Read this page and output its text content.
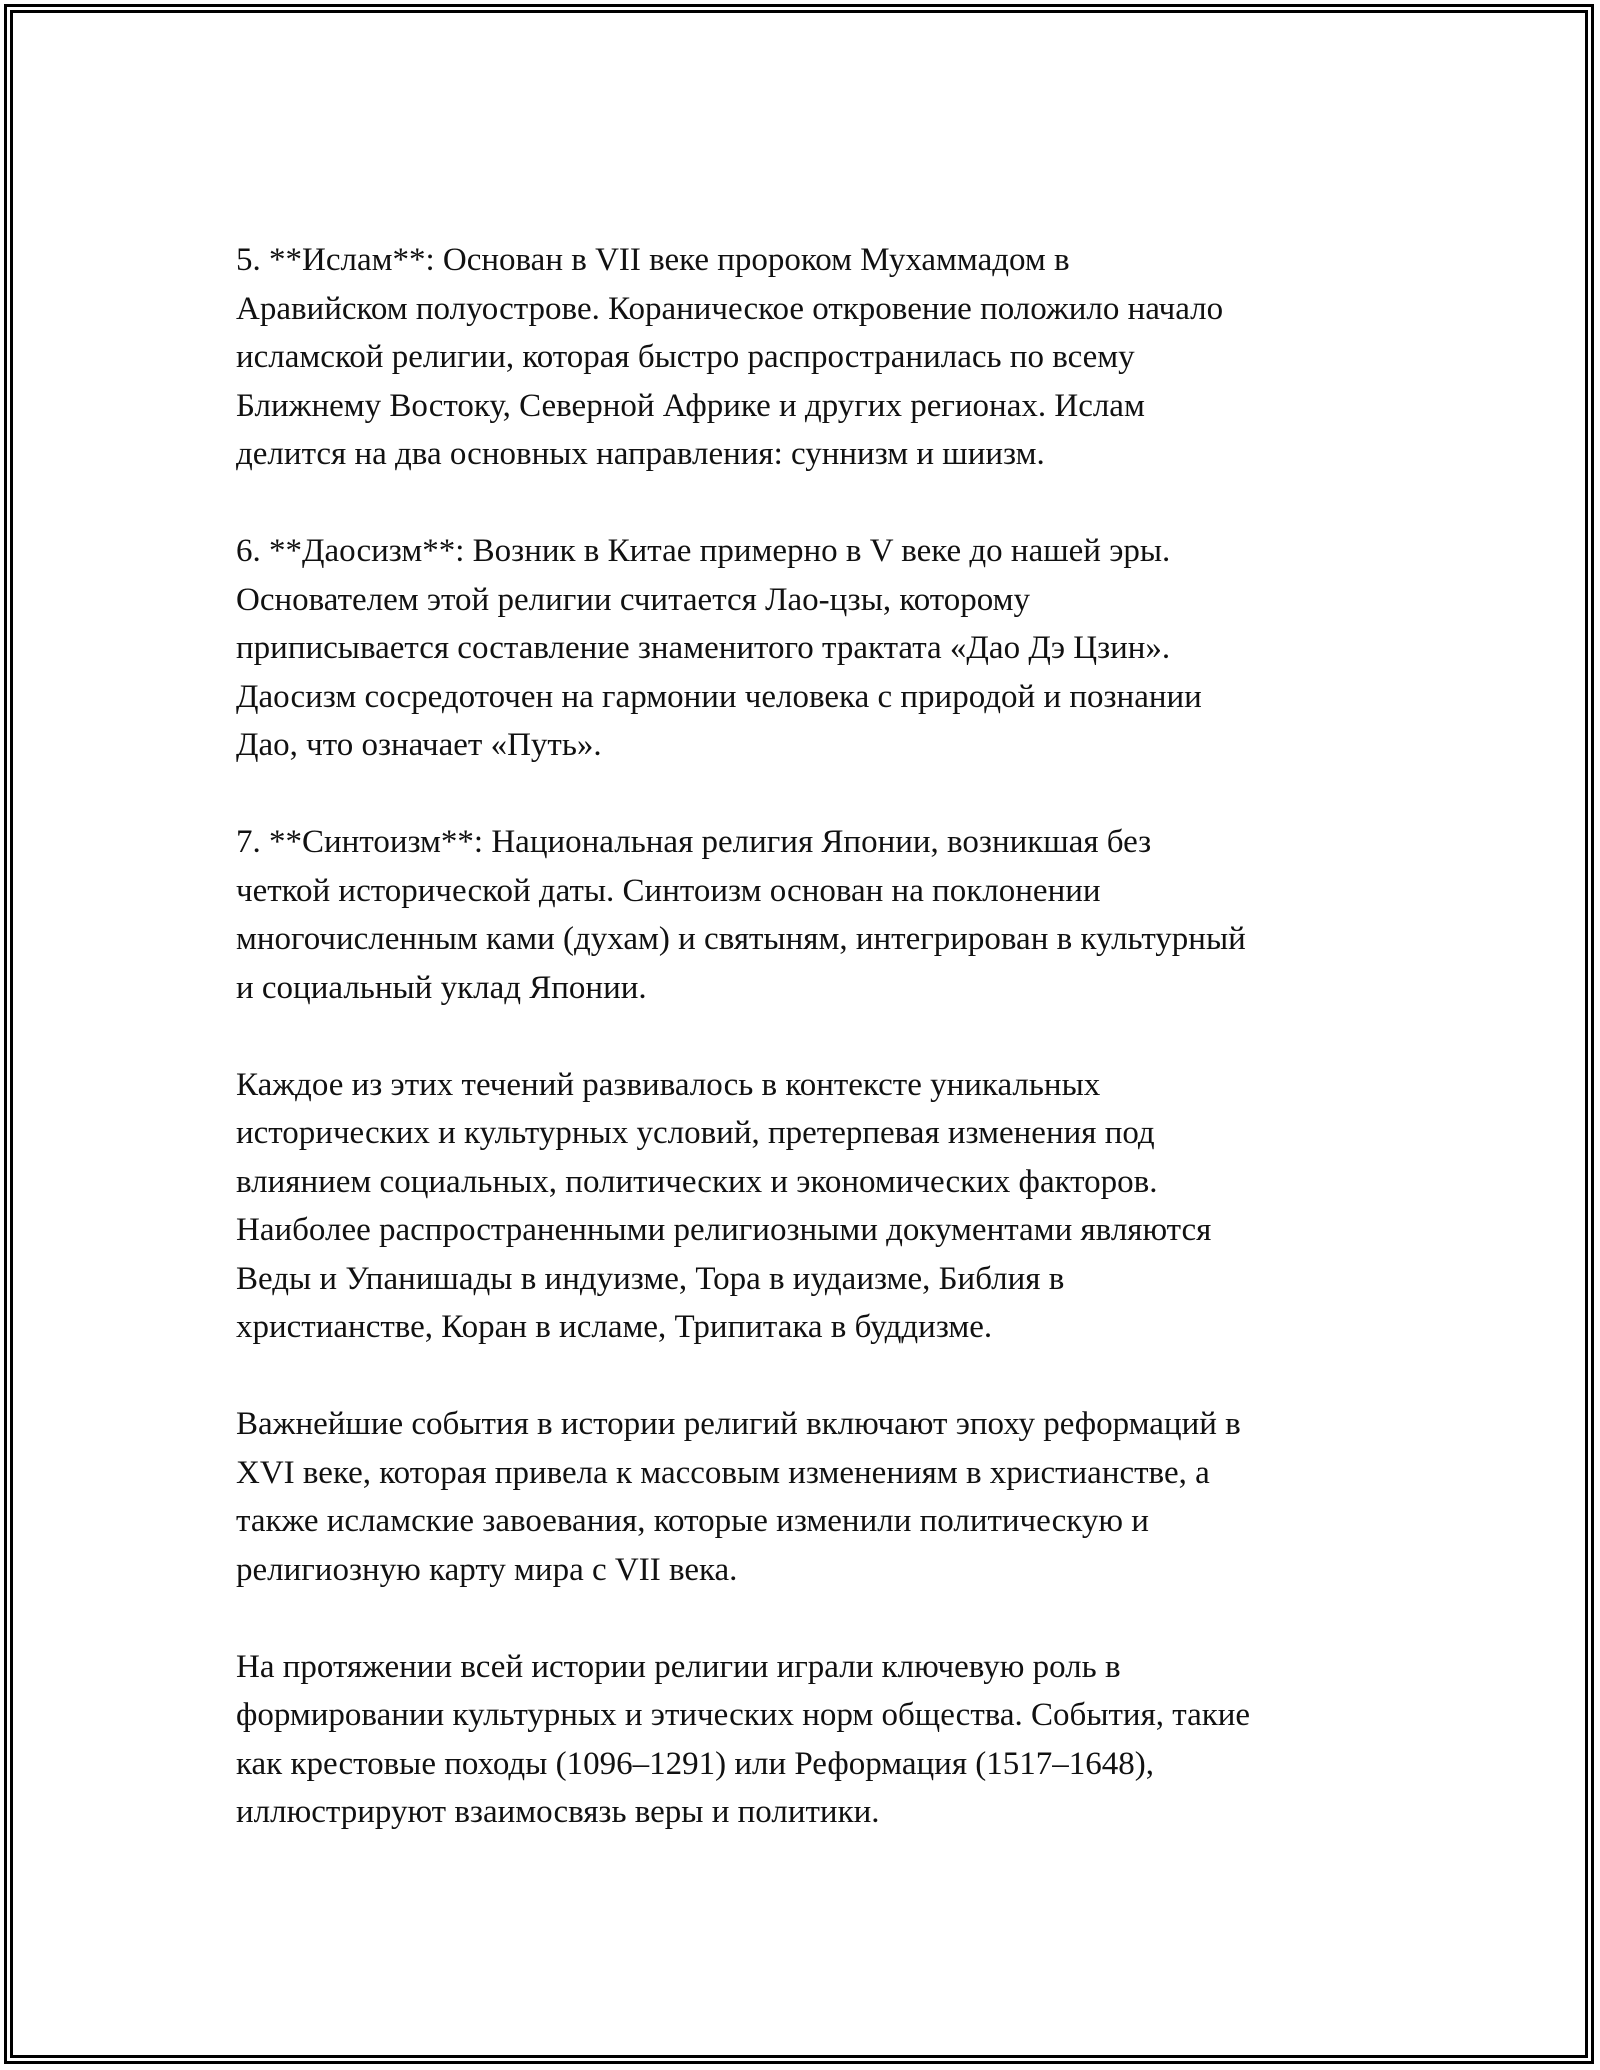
5. **Ислам**: Основан в VII веке пророком Мухаммадом в
Аравийском полуострове. Кораническое откровение положило начало
исламской религии, которая быстро распространилась по всему
Ближнему Востоку, Северной Африке и других регионах. Ислам
делится на два основных направления: суннизм и шиизм.

6. **Даосизм**: Возник в Китае примерно в V веке до нашей эры.
Основателем этой религии считается Лао-цзы, которому
приписывается составление знаменитого трактата «Дао Дэ Цзин».
Даосизм сосредоточен на гармонии человека с природой и познании
Дао, что означает «Путь».

7. **Синтоизм**: Национальная религия Японии, возникшая без
четкой исторической даты. Синтоизм основан на поклонении
многочисленным ками (духам) и святыням, интегрирован в культурный
и социальный уклад Японии.

Каждое из этих течений развивалось в контексте уникальных
исторических и культурных условий, претерпевая изменения под
влиянием социальных, политических и экономических факторов.
Наиболее распространенными религиозными документами являются
Веды и Упанишады в индуизме, Тора в иудаизме, Библия в
христианстве, Коран в исламе, Трипитака в буддизме.

Важнейшие события в истории религий включают эпоху реформаций в
XVI веке, которая привела к массовым изменениям в христианстве, а
также исламские завоевания, которые изменили политическую и
религиозную карту мира с VII века.

На протяжении всей истории религии играли ключевую роль в
формировании культурных и этических норм общества. События, такие
как крестовые походы (1096–1291) или Реформация (1517–1648),
иллюстрируют взаимосвязь веры и политики.
